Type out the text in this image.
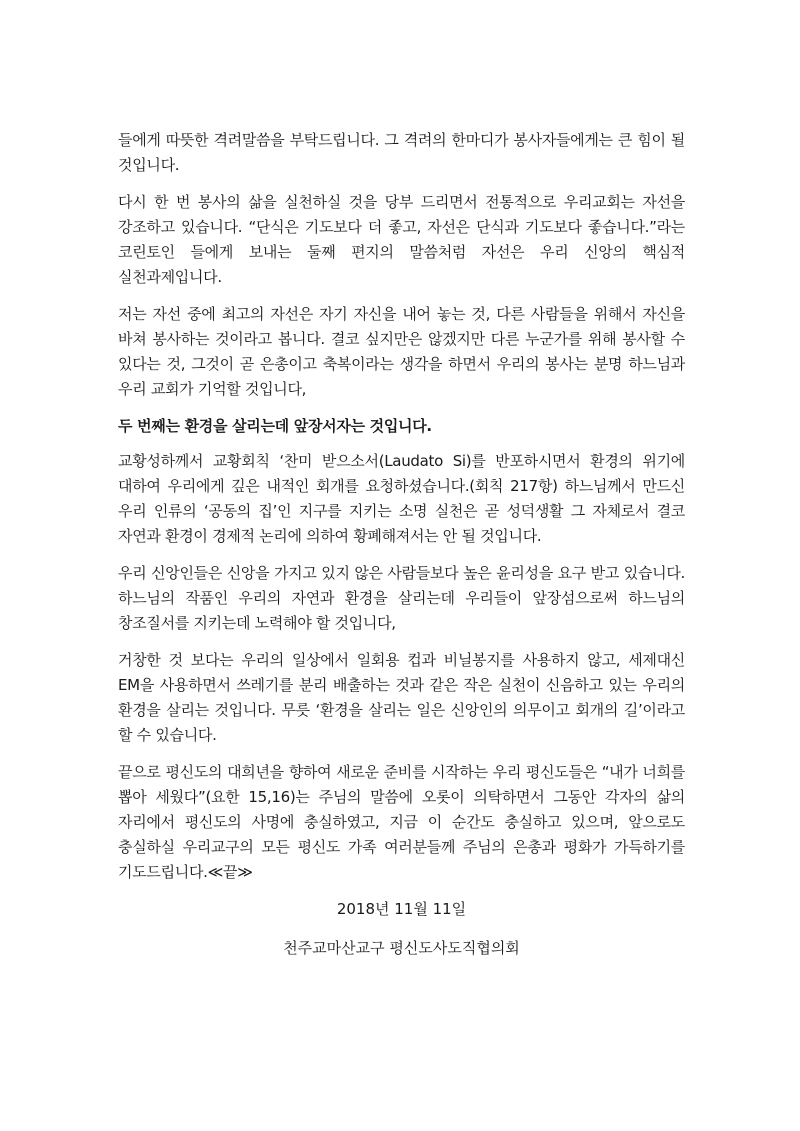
들에게 따뜻한 격려말씀을 부탁드립니다. 그 격려의 한마디가 봉사자들에게는 큰 힘이 될 것입니다.

다시 한 번 봉사의 삶을 실천하실 것을 당부 드리면서 전통적으로 우리교회는 자선을 강조하고 있습니다. “단식은 기도보다 더 좋고, 자선은 단식과 기도보다 좋습니다.”라는 코린토인 들에게 보내는 둘째 편지의 말씀처럼 자선은 우리 신앙의 핵심적 실천과제입니다.

저는 자선 중에 최고의 자선은 자기 자신을 내어 놓는 것, 다른 사람들을 위해서 자신을 바쳐 봉사하는 것이라고 봅니다. 결코 싶지만은 않겠지만 다른 누군가를 위해 봉사할 수 있다는 것, 그것이 곧 은총이고 축복이라는 생각을 하면서 우리의 봉사는 분명 하느님과 우리 교회가 기억할 것입니다,

두 번째는 환경을 살리는데 앞장서자는 것입니다.

교황성하께서 교황회칙 ‘찬미 받으소서(Laudato Si)를 반포하시면서 환경의 위기에 대하여 우리에게 깊은 내적인 회개를 요청하셨습니다.(회칙 217항) 하느님께서 만드신 우리 인류의 ‘공동의 집’인 지구를 지키는 소명 실천은 곧 성덕생활 그 자체로서 결코 자연과 환경이 경제적 논리에 의하여 황폐해져서는 안 될 것입니다.

우리 신앙인들은 신앙을 가지고 있지 않은 사람들보다 높은 윤리성을 요구 받고 있습니다. 하느님의 작품인 우리의 자연과 환경을 살리는데 우리들이 앞장섬으로써 하느님의 창조질서를 지키는데 노력해야 할 것입니다,

거창한 것 보다는 우리의 일상에서 일회용 컵과 비닐봉지를 사용하지 않고, 세제대신 EM을 사용하면서 쓰레기를 분리 배출하는 것과 같은 작은 실천이 신음하고 있는 우리의 환경을 살리는 것입니다. 무릇 ‘환경을 살리는 일은 신앙인의 의무이고 회개의 길’이라고 할 수 있습니다.

끝으로 평신도의 대희년을 향하여 새로운 준비를 시작하는 우리 평신도들은 “내가 너희를 뽑아 세웠다”(요한 15,16)는 주님의 말씀에 오롯이 의탁하면서 그동안 각자의 삶의 자리에서 평신도의 사명에 충실하였고, 지금 이 순간도 충실하고 있으며, 앞으로도 충실하실 우리교구의 모든 평신도 가족 여러분들께 주님의 은총과 평화가 가득하기를 기도드립니다.≪끝≫

2018년 11월 11일

천주교마산교구 평신도사도직협의회
